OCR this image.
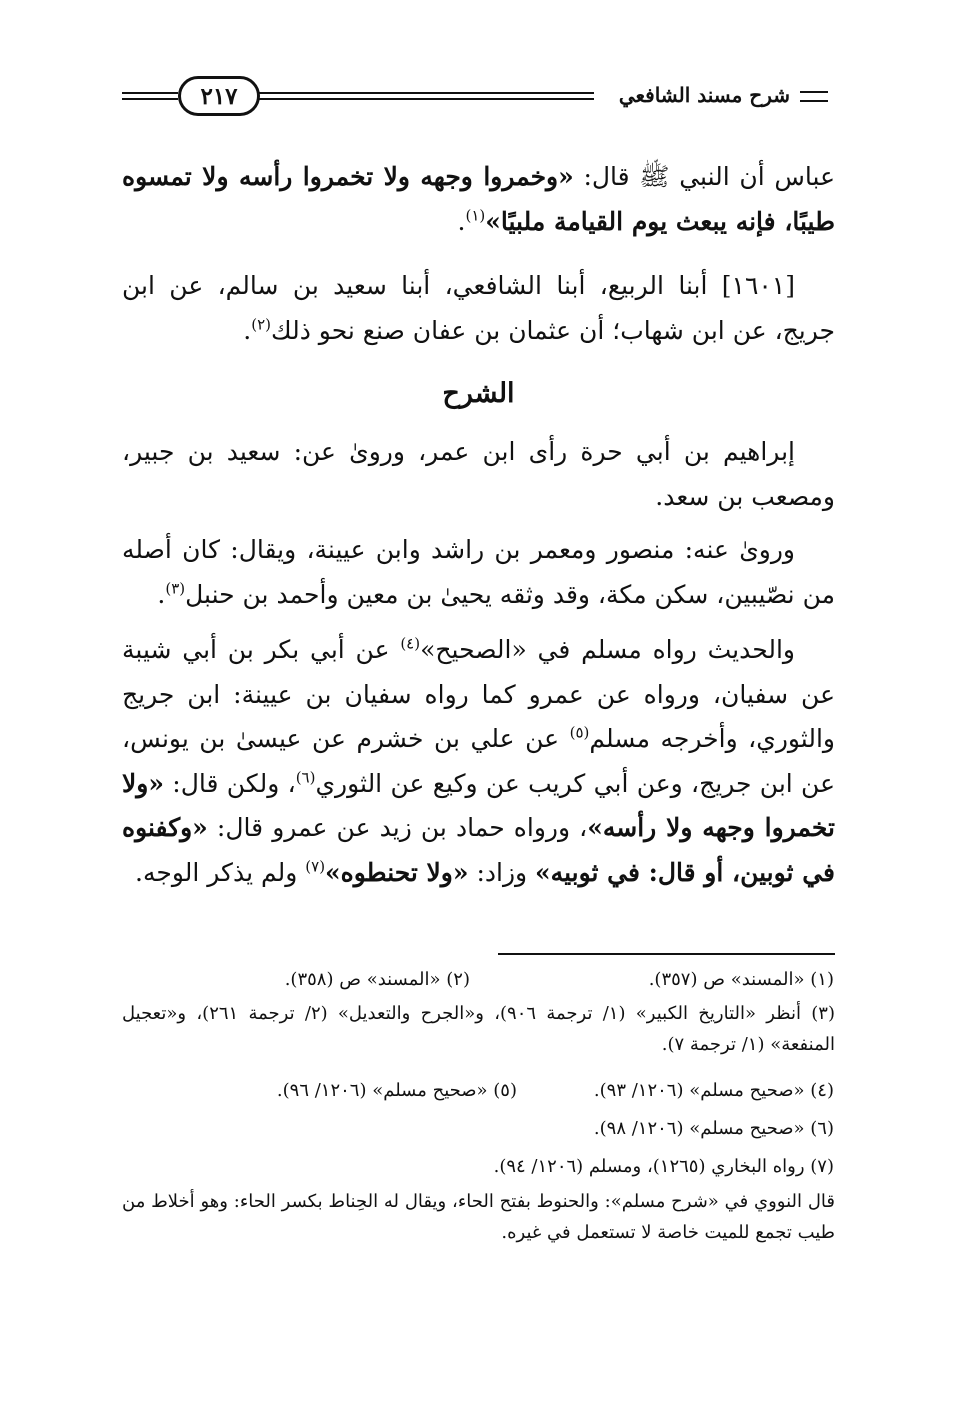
٢١٧	شرح مسند الشافعي
عباس أن النبي ﷺ قال: «وخمروا وجهه ولا تخمروا رأسه ولا تمسوه طيبًا، فإنه يبعث يوم القيامة ملبيًا»$^{(١)}$.
[١٦٠١] أبنا الربيع، أبنا الشافعي، أبنا سعيد بن سالم، عن ابن جريج، عن ابن شهاب؛ أن عثمان بن عفان صنع نحو ذلك$^{(٢)}$.
الشرح
إبراهيم بن أبي حرة رأى ابن عمر، وروىٰ عن: سعيد بن جبير، ومصعب بن سعد.
وروىٰ عنه: منصور ومعمر بن راشد وابن عيينة، ويقال: كان أصله من نصّيبين، سكن مكة، وقد وثقه يحيىٰ بن معين وأحمد بن حنبل$^{(٣)}$.
والحديث رواه مسلم في «الصحيح»$^{(٤)}$ عن أبي بكر بن أبي شيبة عن سفيان، ورواه عن عمرو كما رواه سفيان بن عيينة: ابن جريج والثوري، وأخرجه مسلم$^{(٥)}$ عن علي بن خشرم عن عيسىٰ بن يونس، عن ابن جريج، وعن أبي كريب عن وكيع عن الثوري$^{(٦)}$، ولكن قال: «ولا تخمروا وجهه ولا رأسه»، ورواه حماد بن زيد عن عمرو قال: «وكفنوه في ثوبين، أو قال: في ثوبيه» وزاد: «ولا تحنطوه»$^{(٧)}$ ولم يذكر الوجه.
(١) «المسند» ص (٣٥٧).
(٢) «المسند» ص (٣٥٨).
(٣) أنظر «التاريخ الكبير» (١/ ترجمة ٩٠٦)، و«الجرح والتعديل» (٢/ ترجمة ٢٦١)، و«تعجيل المنفعة» (١/ ترجمة ٧).
(٤) «صحيح مسلم» (١٢٠٦/ ٩٣).
(٥) «صحيح مسلم» (١٢٠٦/ ٩٦).
(٦) «صحيح مسلم» (١٢٠٦/ ٩٨).
(٧) رواه البخاري (١٢٦٥)، ومسلم (١٢٠٦/ ٩٤).
قال النووي في «شرح مسلم»: والحنوط بفتح الحاء، ويقال له الحِناط بكسر الحاء: وهو أخلاط من طيب تجمع للميت خاصة لا تستعمل في غيره.
